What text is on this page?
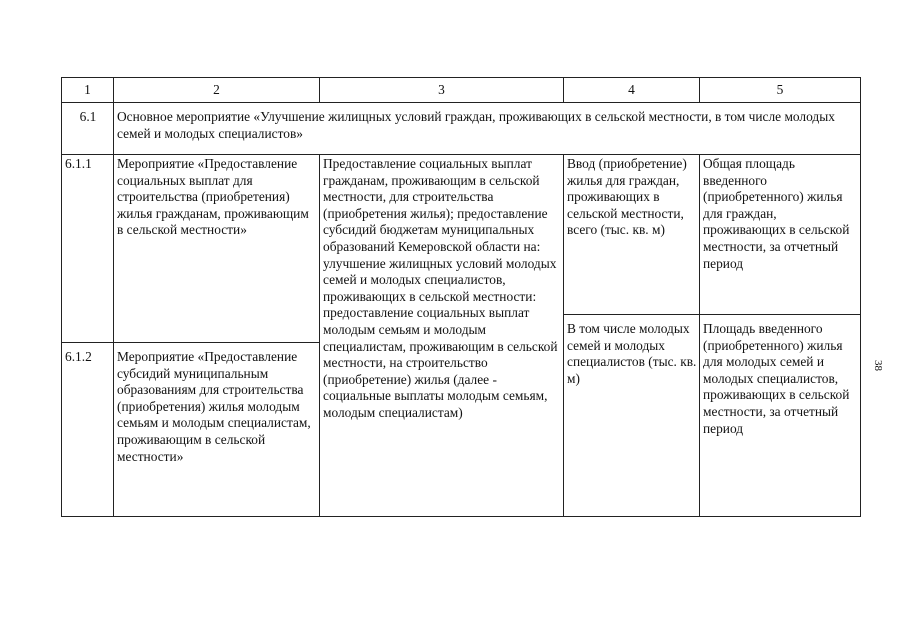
1	2	3	4	5
6.1	Основное мероприятие «Улучшение жилищных условий граждан, проживающих в сельской местности, в том числе молодых семей и молодых специалистов»			
6.1.1	Мероприятие «Предоставление социальных выплат для строительства (приобретения) жилья гражданам, проживающим в сельской местности»	Предоставление социальных выплат гражданам, проживающим в сельской местности, для строительства (приобретения жилья); предоставление субсидий бюджетам муниципальных образований Кемеровской области на: улучшение жилищных условий молодых семей и молодых специалистов, проживающих в сельской местности: предоставление социальных выплат молодым семьям и молодым специалистам, проживающим в сельской местности, на строительство (приобретение) жилья (далее - социальные выплаты молодым семьям, молодым специалистам)	Ввод (приобретение) жилья для граждан, проживающих в сельской местности, всего (тыс. кв. м)	Общая площадь введенного (приобретенного) жилья для граждан, проживающих в сельской местности, за отчетный период
			В том числе молодых семей и молодых специалистов (тыс. кв. м)	Площадь введенного (приобретенного) жилья для молодых семей и молодых специалистов, проживающих в сельской местности, за отчетный период
6.1.2	Мероприятие «Предоставление субсидий муниципальным образованиям для строительства (приобретения) жилья молодым семьям и молодым специалистам, проживающим в сельской местности»			
38
